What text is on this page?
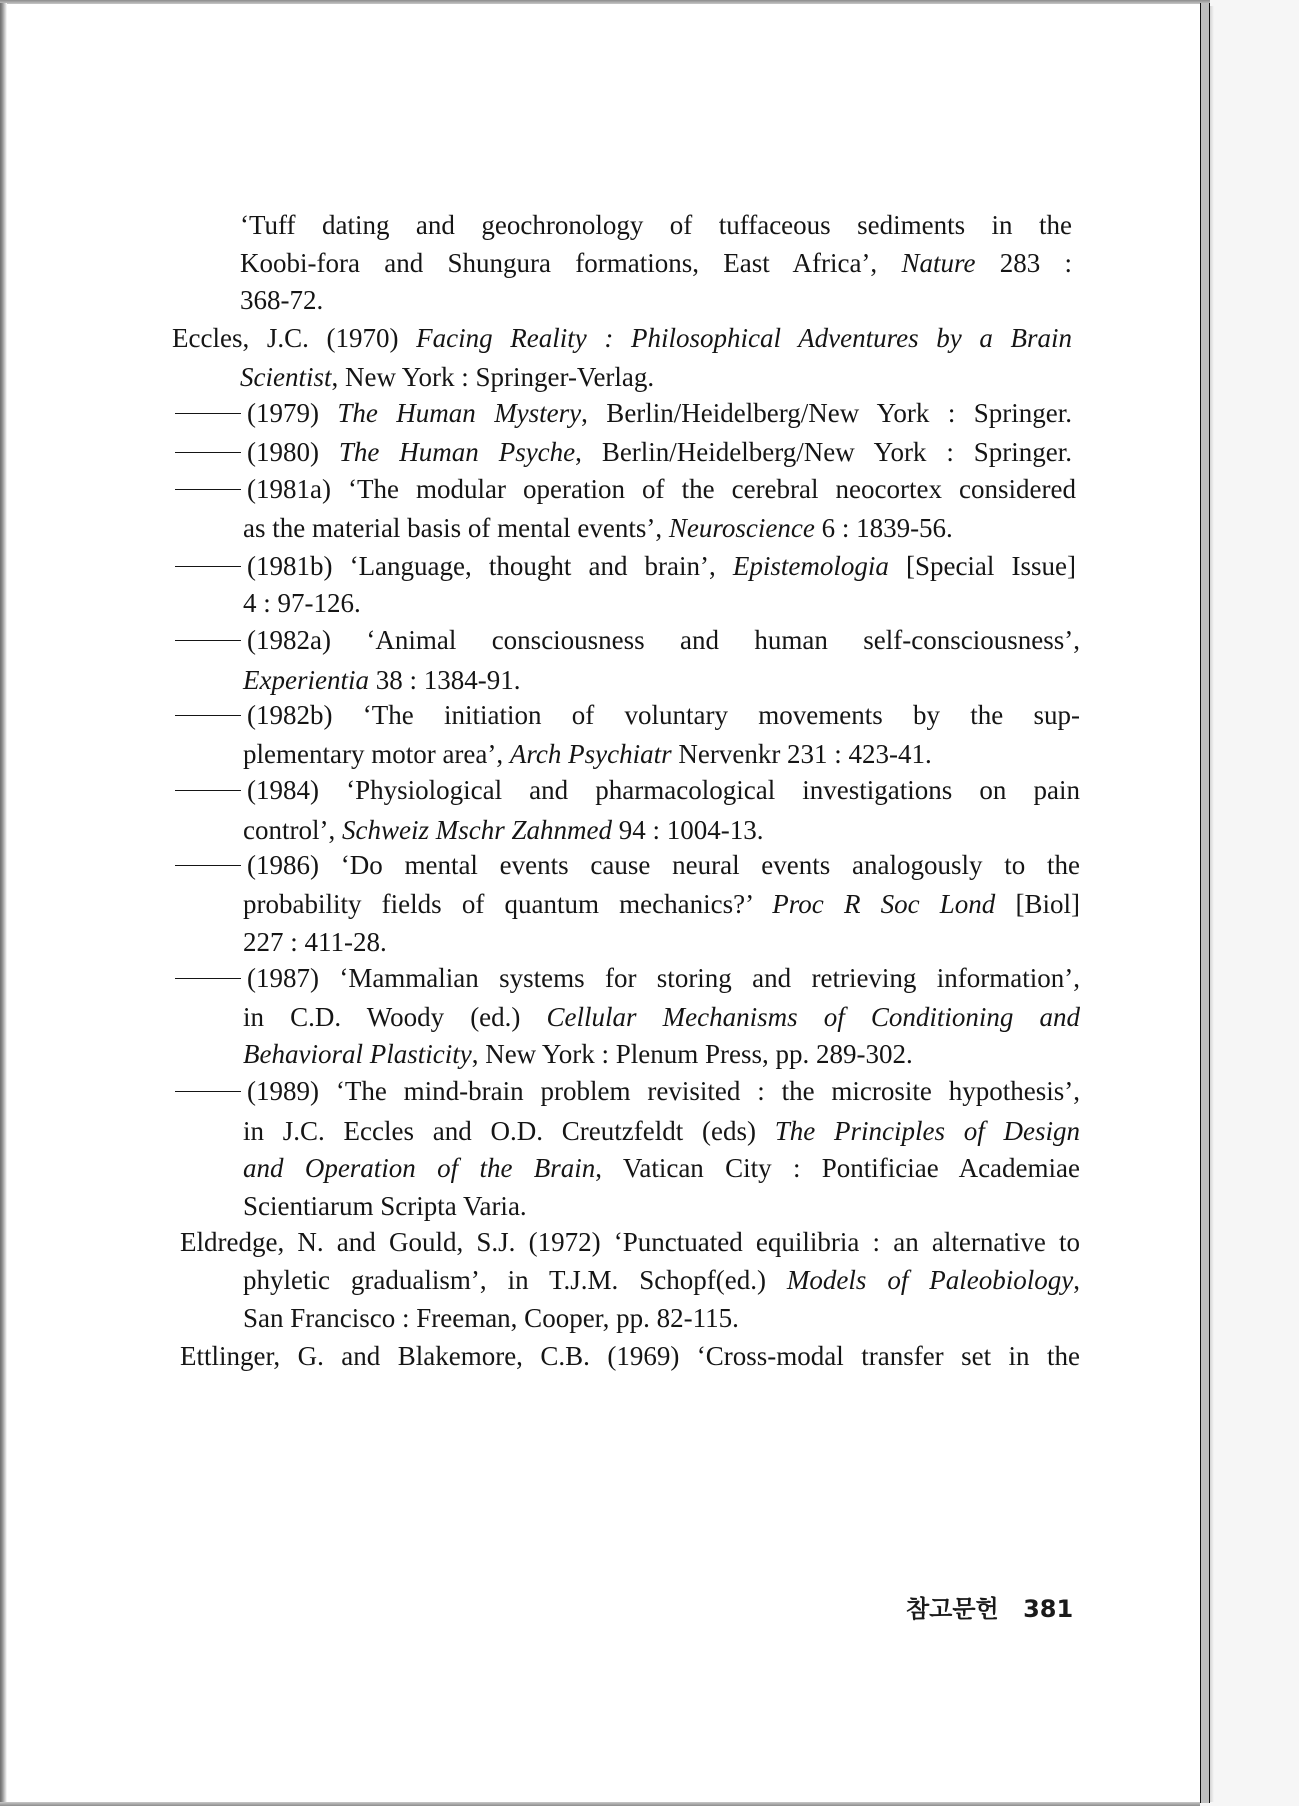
‘Tuff dating and geochronology of tuffaceous sediments in the
Koobi-fora and Shungura formations, East Africa’, Nature 283 :
368-72.
Eccles, J.C. (1970) Facing Reality : Philosophical Adventures by a Brain
Scientist, New York : Springer-Verlag.
(1979) The Human Mystery, Berlin/Heidelberg/New York : Springer.
(1980) The Human Psyche, Berlin/Heidelberg/New York : Springer.
(1981a) ‘The modular operation of the cerebral neocortex considered
as the material basis of mental events’, Neuroscience 6 : 1839-56.
(1981b) ‘Language, thought and brain’, Epistemologia [Special Issue]
4 : 97-126.
(1982a) ‘Animal consciousness and human self-consciousness’,
Experientia 38 : 1384-91.
(1982b) ‘The initiation of voluntary movements by the sup-
plementary motor area’, Arch Psychiatr Nervenkr 231 : 423-41.
(1984) ‘Physiological and pharmacological investigations on pain
control’, Schweiz Mschr Zahnmed 94 : 1004-13.
(1986) ‘Do mental events cause neural events analogously to the
probability fields of quantum mechanics?’ Proc R Soc Lond [Biol]
227 : 411-28.
(1987) ‘Mammalian systems for storing and retrieving information’,
in C.D. Woody (ed.) Cellular Mechanisms of Conditioning and
Behavioral Plasticity, New York : Plenum Press, pp. 289-302.
(1989) ‘The mind-brain problem revisited : the microsite hypothesis’,
in J.C. Eccles and O.D. Creutzfeldt (eds) The Principles of Design
and Operation of the Brain, Vatican City : Pontificiae Academiae
Scientiarum Scripta Varia.
Eldredge, N. and Gould, S.J. (1972) ‘Punctuated equilibria : an alternative to
phyletic gradualism’, in T.J.M. Schopf(ed.) Models of Paleobiology,
San Francisco : Freeman, Cooper, pp. 82-115.
Ettlinger, G. and Blakemore, C.B. (1969) ‘Cross-modal transfer set in the
참고문헌 381
